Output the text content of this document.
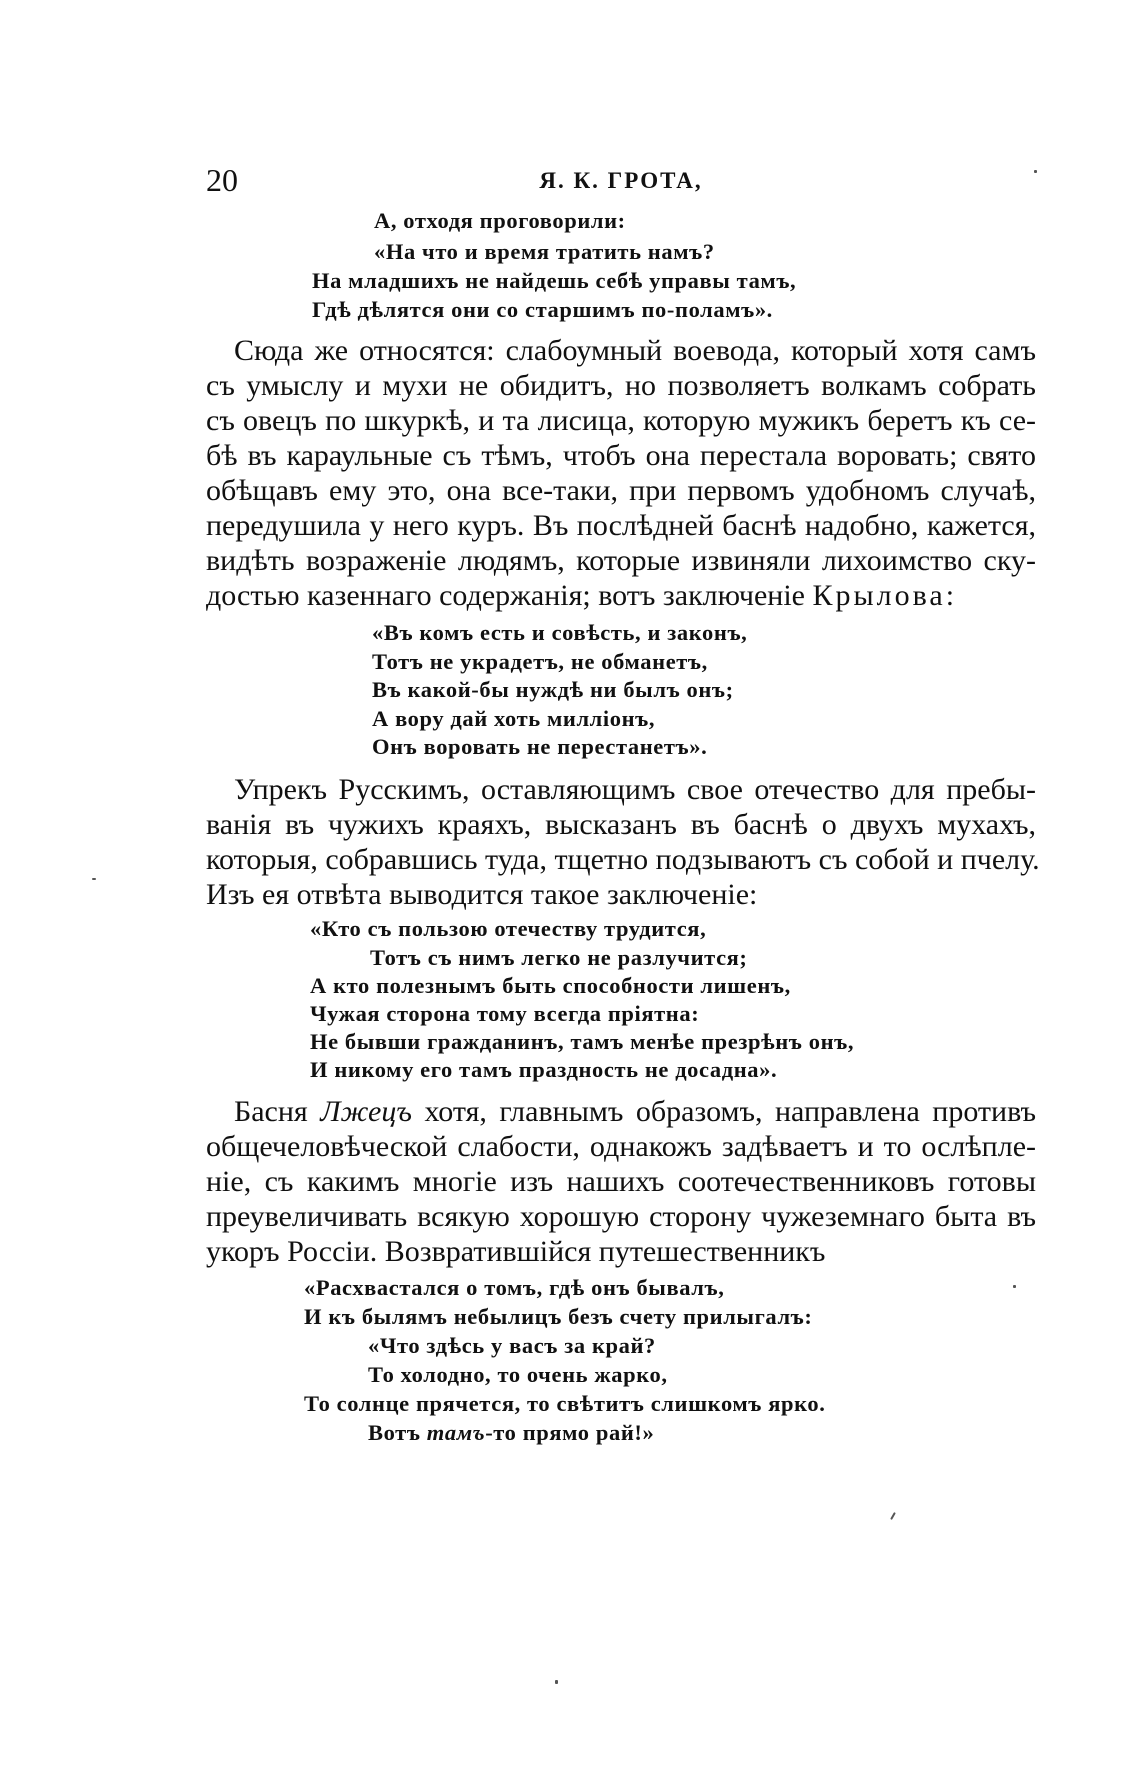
20	Я. К. ГРОТА,
А, отходя проговорили:
«На что и время тратить намъ?
На младшихъ не найдешь себѣ управы тамъ,
Гдѣ дѣлятся они со старшимъ по-поламъ».
Сюда же относятся: слабоумный воевода, который хотя самъ
съ умыслу и мухи не обидитъ, но позволяетъ волкамъ собрать
съ овецъ по шкуркѣ, и та лисица, которую мужикъ беретъ къ се-
бѣ въ караульные съ тѣмъ, чтобъ она перестала воровать; свято
обѣщавъ ему это, она все-таки, при первомъ удобномъ случаѣ,
передушила у него куръ. Въ послѣдней баснѣ надобно, кажется,
видѣть возраженіе людямъ, которые извиняли лихоимство ску-
достью казеннаго содержанія; вотъ заключеніе Крылова:
«Въ комъ есть и совѣсть, и законъ,
Тотъ не украдетъ, не обманетъ,
Въ какой-бы нуждѣ ни былъ онъ;
А вору дай хоть милліонъ,
Онъ воровать не перестанетъ».
Упрекъ Русскимъ, оставляющимъ свое отечество для пребы-
ванія въ чужихъ краяхъ, высказанъ въ баснѣ о двухъ мухахъ,
которыя, собравшись туда, тщетно подзываютъ съ собой и пчелу.
Изъ ея отвѣта выводится такое заключеніе:
«Кто съ пользою отечеству трудится,
Тотъ съ нимъ легко не разлучится;
А кто полезнымъ быть способности лишенъ,
Чужая сторона тому всегда пріятна:
Не бывши гражданинъ, тамъ менѣе презрѣнъ онъ,
И никому его тамъ праздность не досадна».
Басня Лжецъ хотя, главнымъ образомъ, направлена противъ
общечеловѣческой слабости, однакожъ задѣваетъ и то ослѣпле-
ніе, съ какимъ многіе изъ нашихъ соотечественниковъ готовы
преувеличивать всякую хорошую сторону чужеземнаго быта въ
укоръ Россіи. Возвратившійся путешественникъ
«Расхвастался о томъ, гдѣ онъ бывалъ,
И къ былямъ небылицъ безъ счету прилыгалъ:
«Что здѣсь у васъ за край?
То холодно, то очень жарко,
То солнце прячется, то свѣтитъ слишкомъ ярко.
Вотъ тамъ-то прямо рай!»
